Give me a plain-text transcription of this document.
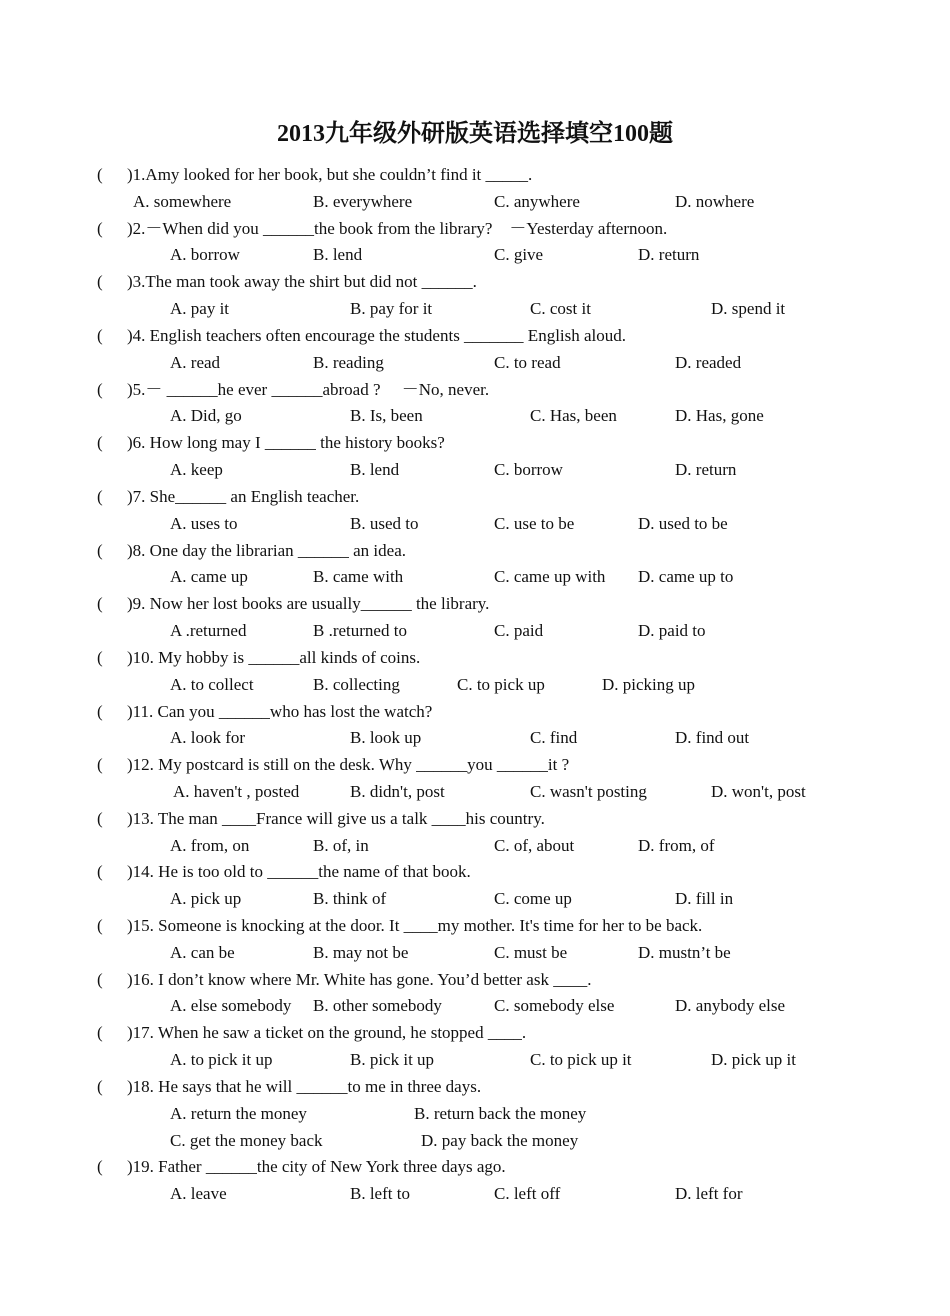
2013九年级外研版英语选择填空100题
( )1.Amy looked for her book, but she couldn’t find it _____.
A. somewhere	B. everywhere	C. anywhere	D. nowhere
( )2.－When did you ______the book from the library?　－Yesterday afternoon.
A. borrow	B. lend	C. give	D. return
( )3.The man took away the shirt but did not ______.
A. pay it	B. pay for it	C. cost it	D. spend it
( )4. English teachers often encourage the students _______ English aloud.
A. read	B. reading	C. to read	D. readed
( )5.－ ______he ever ______abroad ?　 －No, never.
A. Did, go	B. Is, been	C. Has, been	D. Has, gone
( )6. How long may I ______ the history books?
A. keep	B. lend	C. borrow	D. return
( )7. She______ an English teacher.
A. uses to	B. used to	C. use to be	D. used to be
( )8. One day the librarian ______ an idea.
A. came up	B. came with	C. came up with D. came up to
( )9. Now her lost books are usually______ the library.
A .returned	B .returned to	C. paid	D. paid to
( )10. My hobby is ______all kinds of coins.
A. to collect	B. collecting	C. to pick up	D. picking up
( )11. Can you ______who has lost the watch?
A. look for	B. look up	C. find	D. find out
( )12. My postcard is still on the desk. Why ______you ______it ?
A. haven't , posted	B. didn't, post	C. wasn't posting	D. won't, post
( )13. The man ____France will give us a talk ____his country.
A. from, on	B. of, in	C. of, about	D. from, of
( )14. He is too old to ______the name of that book.
A. pick up	B. think of	C. come up	D. fill in
( )15. Someone is knocking at the door. It ____my mother. It's time for her to be back.
A. can be	B. may not be	C. must be	D. mustn’t be
( )16. I don’t know where Mr. White has gone. You’d better ask ____.
A. else somebody B. other somebody	C. somebody else	D. anybody else
( )17. When he saw a ticket on the ground, he stopped ____.
A. to pick it up	B. pick it up	C. to pick up it	D. pick up it
( )18. He says that he will ______to me in three days.
A. return the money	B. return back the money
C. get the money back	D. pay back the money
( )19. Father ______the city of New York three days ago.
A. leave	B. left to	C. left off	D. left for
